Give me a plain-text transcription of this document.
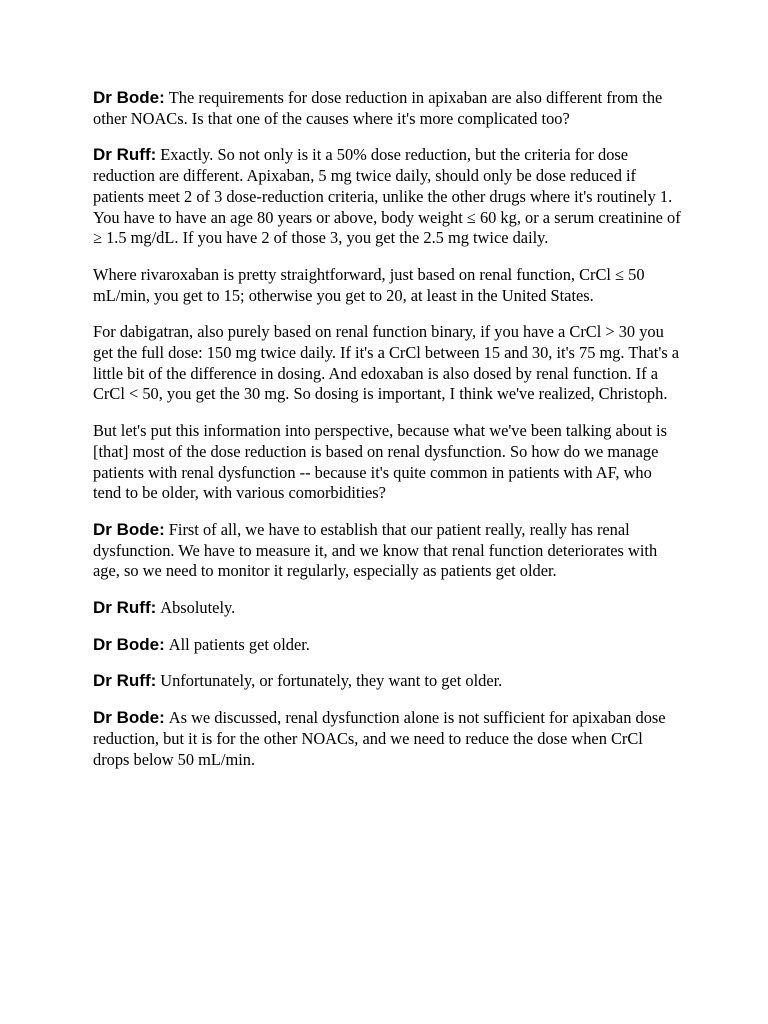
Dr Bode: The requirements for dose reduction in apixaban are also different from the other NOACs. Is that one of the causes where it's more complicated too?

Dr Ruff: Exactly. So not only is it a 50% dose reduction, but the criteria for dose reduction are different. Apixaban, 5 mg twice daily, should only be dose reduced if patients meet 2 of 3 dose-reduction criteria, unlike the other drugs where it's routinely 1. You have to have an age 80 years or above, body weight ≤ 60 kg, or a serum creatinine of ≥ 1.5 mg/dL. If you have 2 of those 3, you get the 2.5 mg twice daily.

Where rivaroxaban is pretty straightforward, just based on renal function, CrCl ≤ 50 mL/min, you get to 15; otherwise you get to 20, at least in the United States.

For dabigatran, also purely based on renal function binary, if you have a CrCl > 30 you get the full dose: 150 mg twice daily. If it's a CrCl between 15 and 30, it's 75 mg. That's a little bit of the difference in dosing. And edoxaban is also dosed by renal function. If a CrCl < 50, you get the 30 mg. So dosing is important, I think we've realized, Christoph.

But let's put this information into perspective, because what we've been talking about is [that] most of the dose reduction is based on renal dysfunction. So how do we manage patients with renal dysfunction -- because it's quite common in patients with AF, who tend to be older, with various comorbidities?

Dr Bode: First of all, we have to establish that our patient really, really has renal dysfunction. We have to measure it, and we know that renal function deteriorates with age, so we need to monitor it regularly, especially as patients get older.

Dr Ruff: Absolutely.

Dr Bode: All patients get older.

Dr Ruff: Unfortunately, or fortunately, they want to get older.

Dr Bode: As we discussed, renal dysfunction alone is not sufficient for apixaban dose reduction, but it is for the other NOACs, and we need to reduce the dose when CrCl drops below 50 mL/min.
